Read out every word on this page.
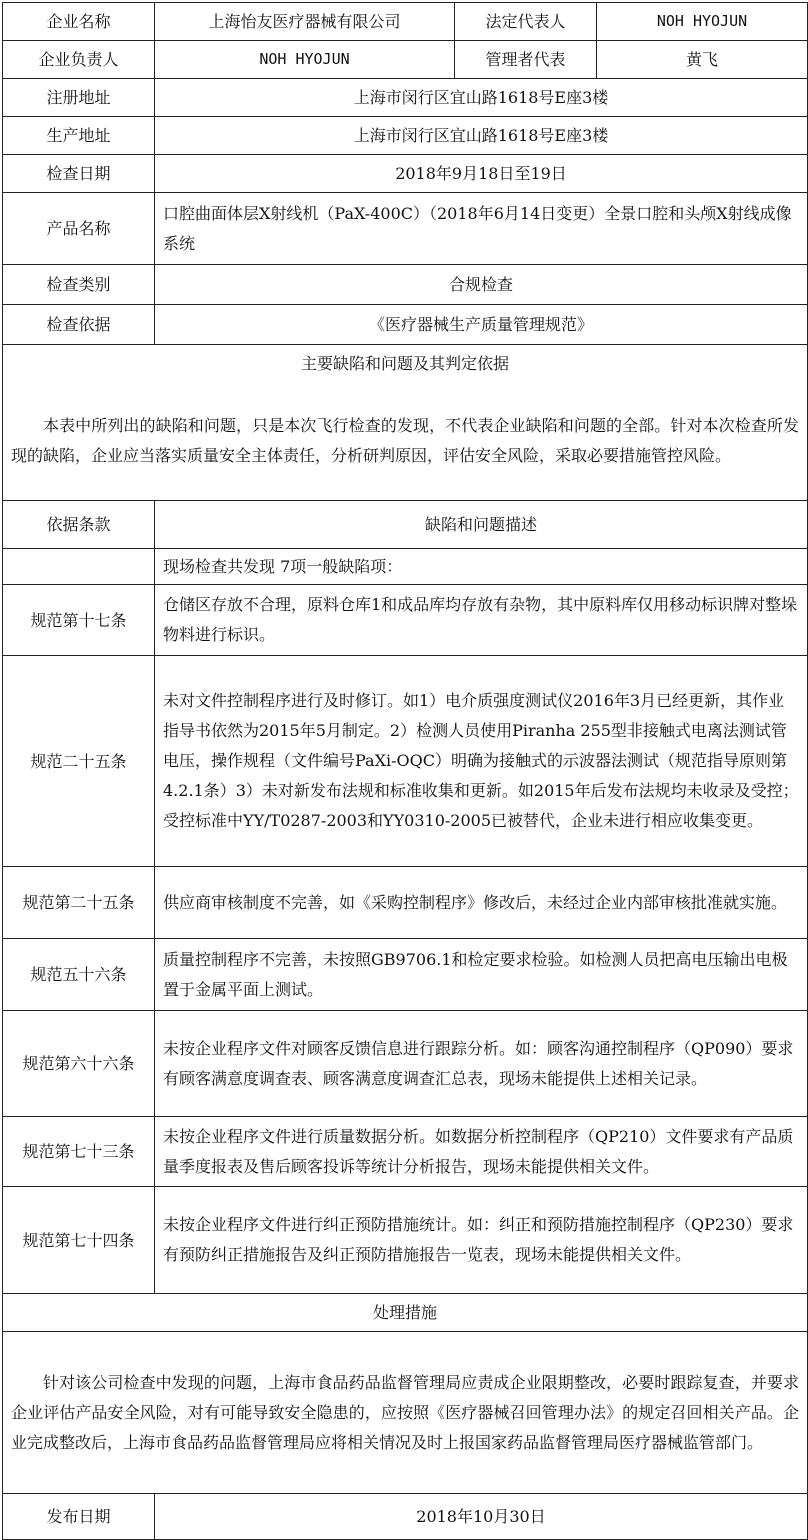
企业名称	上海怡友医疗器械有限公司	法定代表人	NOH HYOJUN
企业负责人	NOH HYOJUN	管理者代表	黄飞
注册地址	上海市闵行区宜山路1618号E座3楼		
生产地址	上海市闵行区宜山路1618号E座3楼		
检查日期	2018年9月18日至19日		
产品名称	口腔曲面体层X射线机（PaX-400C）（2018年6月14日变更）全景口腔和头颅X射线成像系统		
检查类别	合规检查		
检查依据	《医疗器械生产质量管理规范》		
主要缺陷和问题及其判定依据			
本表中所列出的缺陷和问题，只是本次飞行检查的发现，不代表企业缺陷和问题的全部。针对本次检查所发现的缺陷，企业应当落实质量安全主体责任，分析研判原因，评估安全风险，采取必要措施管控风险。			
依据条款	缺陷和问题描述		
	现场检查共发现 7项一般缺陷项：		
规范第十七条	仓储区存放不合理，原料仓库1和成品库均存放有杂物，其中原料库仅用移动标识牌对整垛物料进行标识。		
规范二十五条	未对文件控制程序进行及时修订。如1）电介质强度测试仪2016年3月已经更新，其作业指导书依然为2015年5月制定。2）检测人员使用Piranha 255型非接触式电离法测试管电压，操作规程（文件编号PaXi-OQC）明确为接触式的示波器法测试（规范指导原则第4.2.1条）3）未对新发布法规和标准收集和更新。如2015年后发布法规均未收录及受控；受控标准中YY/T0287-2003和YY0310-2005已被替代，企业未进行相应收集变更。		
规范第二十五条	供应商审核制度不完善，如《采购控制程序》修改后，未经过企业内部审核批准就实施。		
规范五十六条	质量控制程序不完善，未按照GB9706.1和检定要求检验。如检测人员把高电压输出电极置于金属平面上测试。		
规范第六十六条	未按企业程序文件对顾客反馈信息进行跟踪分析。如：顾客沟通控制程序（QP090）要求有顾客满意度调查表、顾客满意度调查汇总表，现场未能提供上述相关记录。		
规范第七十三条	未按企业程序文件进行质量数据分析。如数据分析控制程序（QP210）文件要求有产品质量季度报表及售后顾客投诉等统计分析报告，现场未能提供相关文件。		
规范第七十四条	未按企业程序文件进行纠正预防措施统计。如：纠正和预防措施控制程序（QP230）要求有预防纠正措施报告及纠正预防措施报告一览表，现场未能提供相关文件。		
处理措施			
针对该公司检查中发现的问题，上海市食品药品监督管理局应责成企业限期整改，必要时跟踪复查，并要求企业评估产品安全风险，对有可能导致安全隐患的，应按照《医疗器械召回管理办法》的规定召回相关产品。企业完成整改后，上海市食品药品监督管理局应将相关情况及时上报国家药品监督管理局医疗器械监管部门。			
发布日期	2018年10月30日		
